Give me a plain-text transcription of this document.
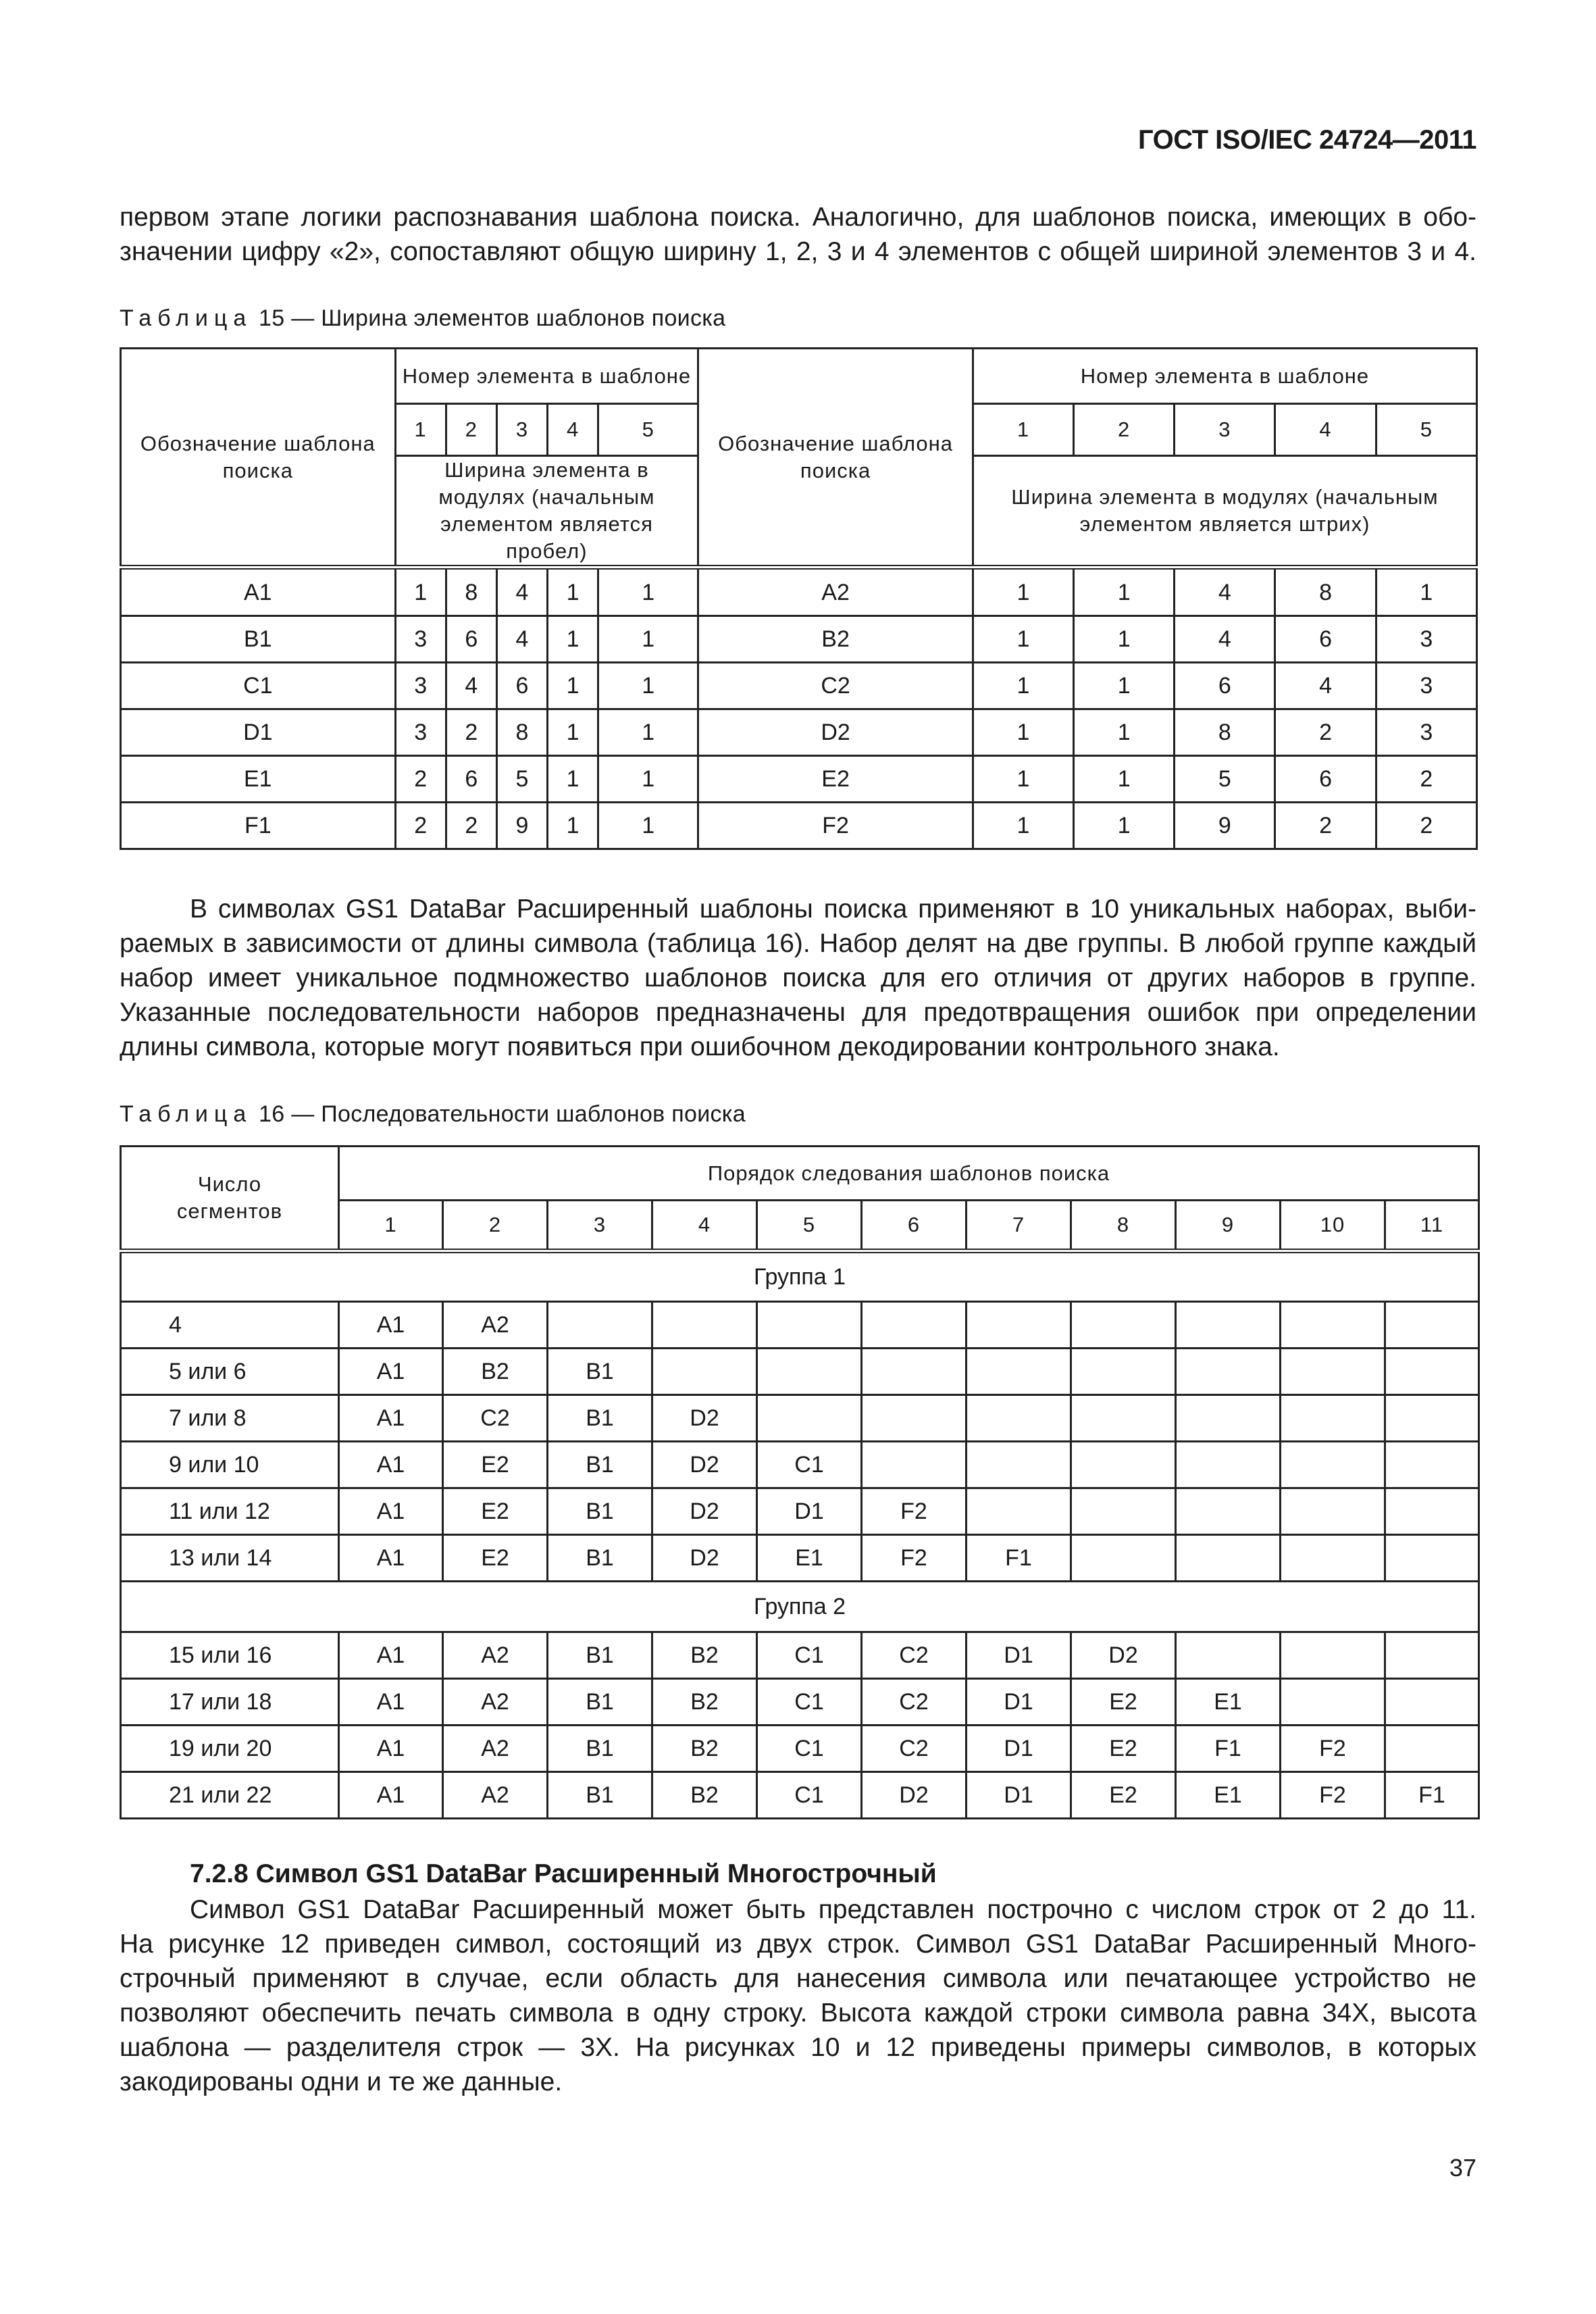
ГОСТ ISO/IEC 24724—2011
первом этапе логики распознавания шаблона поиска. Аналогично, для шаблонов поиска, имеющих в обо-
значении цифру «2», сопоставляют общую ширину 1, 2, 3 и 4 элементов с общей шириной элементов 3 и 4.
Таблица 15 — Ширина элементов шаблонов поиска
Обозначение шаблона поиска	Номер элемента в шаблоне					Обозначение шаблона поиска	Номер элемента в шаблоне				
	1	2	3	4	5		1	2	3	4	5
	Ширина элемента в модулях (начальным элементом является пробел)						Ширина элемента в модулях (начальным элементом является штрих)				
A1	1	8	4	1	1	A2	1	1	4	8	1
B1	3	6	4	1	1	B2	1	1	4	6	3
C1	3	4	6	1	1	C2	1	1	6	4	3
D1	3	2	8	1	1	D2	1	1	8	2	3
E1	2	6	5	1	1	E2	1	1	5	6	2
F1	2	2	9	1	1	F2	1	1	9	2	2
В символах GS1 DataBar Расширенный шаблоны поиска применяют в 10 уникальных наборах, выби-
раемых в зависимости от длины символа (таблица 16). Набор делят на две группы. В любой группе каждый
набор имеет уникальное подмножество шаблонов поиска для его отличия от других наборов в группе.
Указанные последовательности наборов предназначены для предотвращения ошибок при определении
длины символа, которые могут появиться при ошибочном декодировании контрольного знака.
Таблица 16 — Последовательности шаблонов поиска
Число сегментов	Порядок следования шаблонов поиска										
	1	2	3	4	5	6	7	8	9	10	11
Группа 1											
4	A1	A2									
5 или 6	A1	B2	B1								
7 или 8	A1	C2	B1	D2							
9 или 10	A1	E2	B1	D2	C1						
11 или 12	A1	E2	B1	D2	D1	F2					
13 или 14	A1	E2	B1	D2	E1	F2	F1				
Группа 2											
15 или 16	A1	A2	B1	B2	C1	C2	D1	D2			
17 или 18	A1	A2	B1	B2	C1	C2	D1	E2	E1		
19 или 20	A1	A2	B1	B2	C1	C2	D1	E2	F1	F2	
21 или 22	A1	A2	B1	B2	C1	D2	D1	E2	E1	F2	F1
7.2.8 Символ GS1 DataBar Расширенный Многострочный
Символ GS1 DataBar Расширенный может быть представлен построчно с числом строк от 2 до 11.
На рисунке 12 приведен символ, состоящий из двух строк. Символ GS1 DataBar Расширенный Много-
строчный применяют в случае, если область для нанесения символа или печатающее устройство не
позволяют обеспечить печать символа в одну строку. Высота каждой строки символа равна 34X, высота
шаблона — разделителя строк — 3X. На рисунках 10 и 12 приведены примеры символов, в которых
закодированы одни и те же данные.
37
